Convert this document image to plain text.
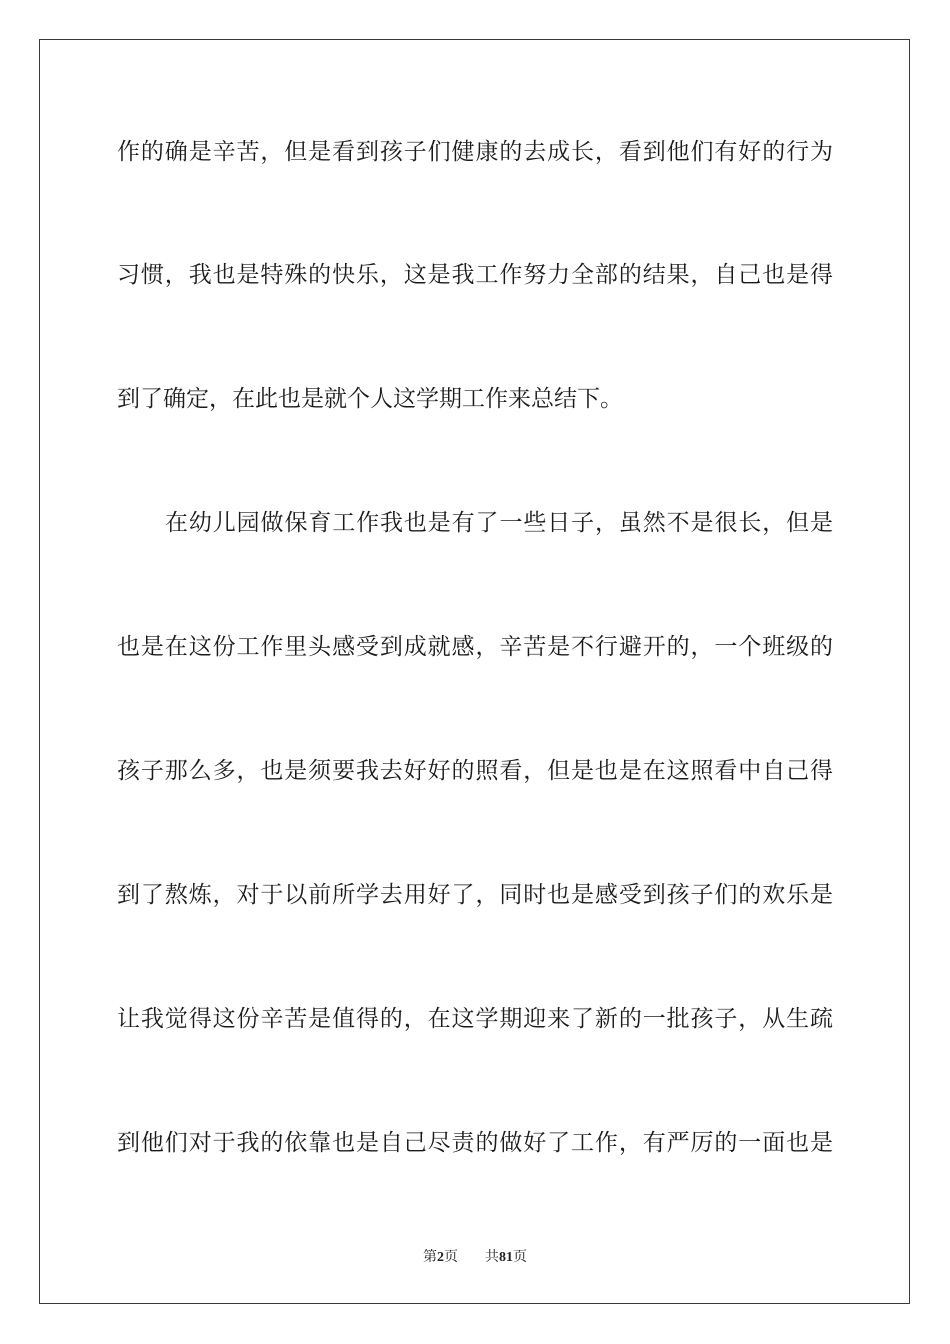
作的确是辛苦，但是看到孩子们健康的去成长，看到他们有好的行为
习惯，我也是特殊的快乐，这是我工作努力全部的结果，自己也是得
到了确定，在此也是就个人这学期工作来总结下。
在幼儿园做保育工作我也是有了一些日子，虽然不是很长，但是
也是在这份工作里头感受到成就感，辛苦是不行避开的，一个班级的
孩子那么多，也是须要我去好好的照看，但是也是在这照看中自己得
到了熬炼，对于以前所学去用好了，同时也是感受到孩子们的欢乐是
让我觉得这份辛苦是值得的，在这学期迎来了新的一批孩子，从生疏
到他们对于我的依靠也是自己尽责的做好了工作，有严厉的一面也是
第2页 共81页
